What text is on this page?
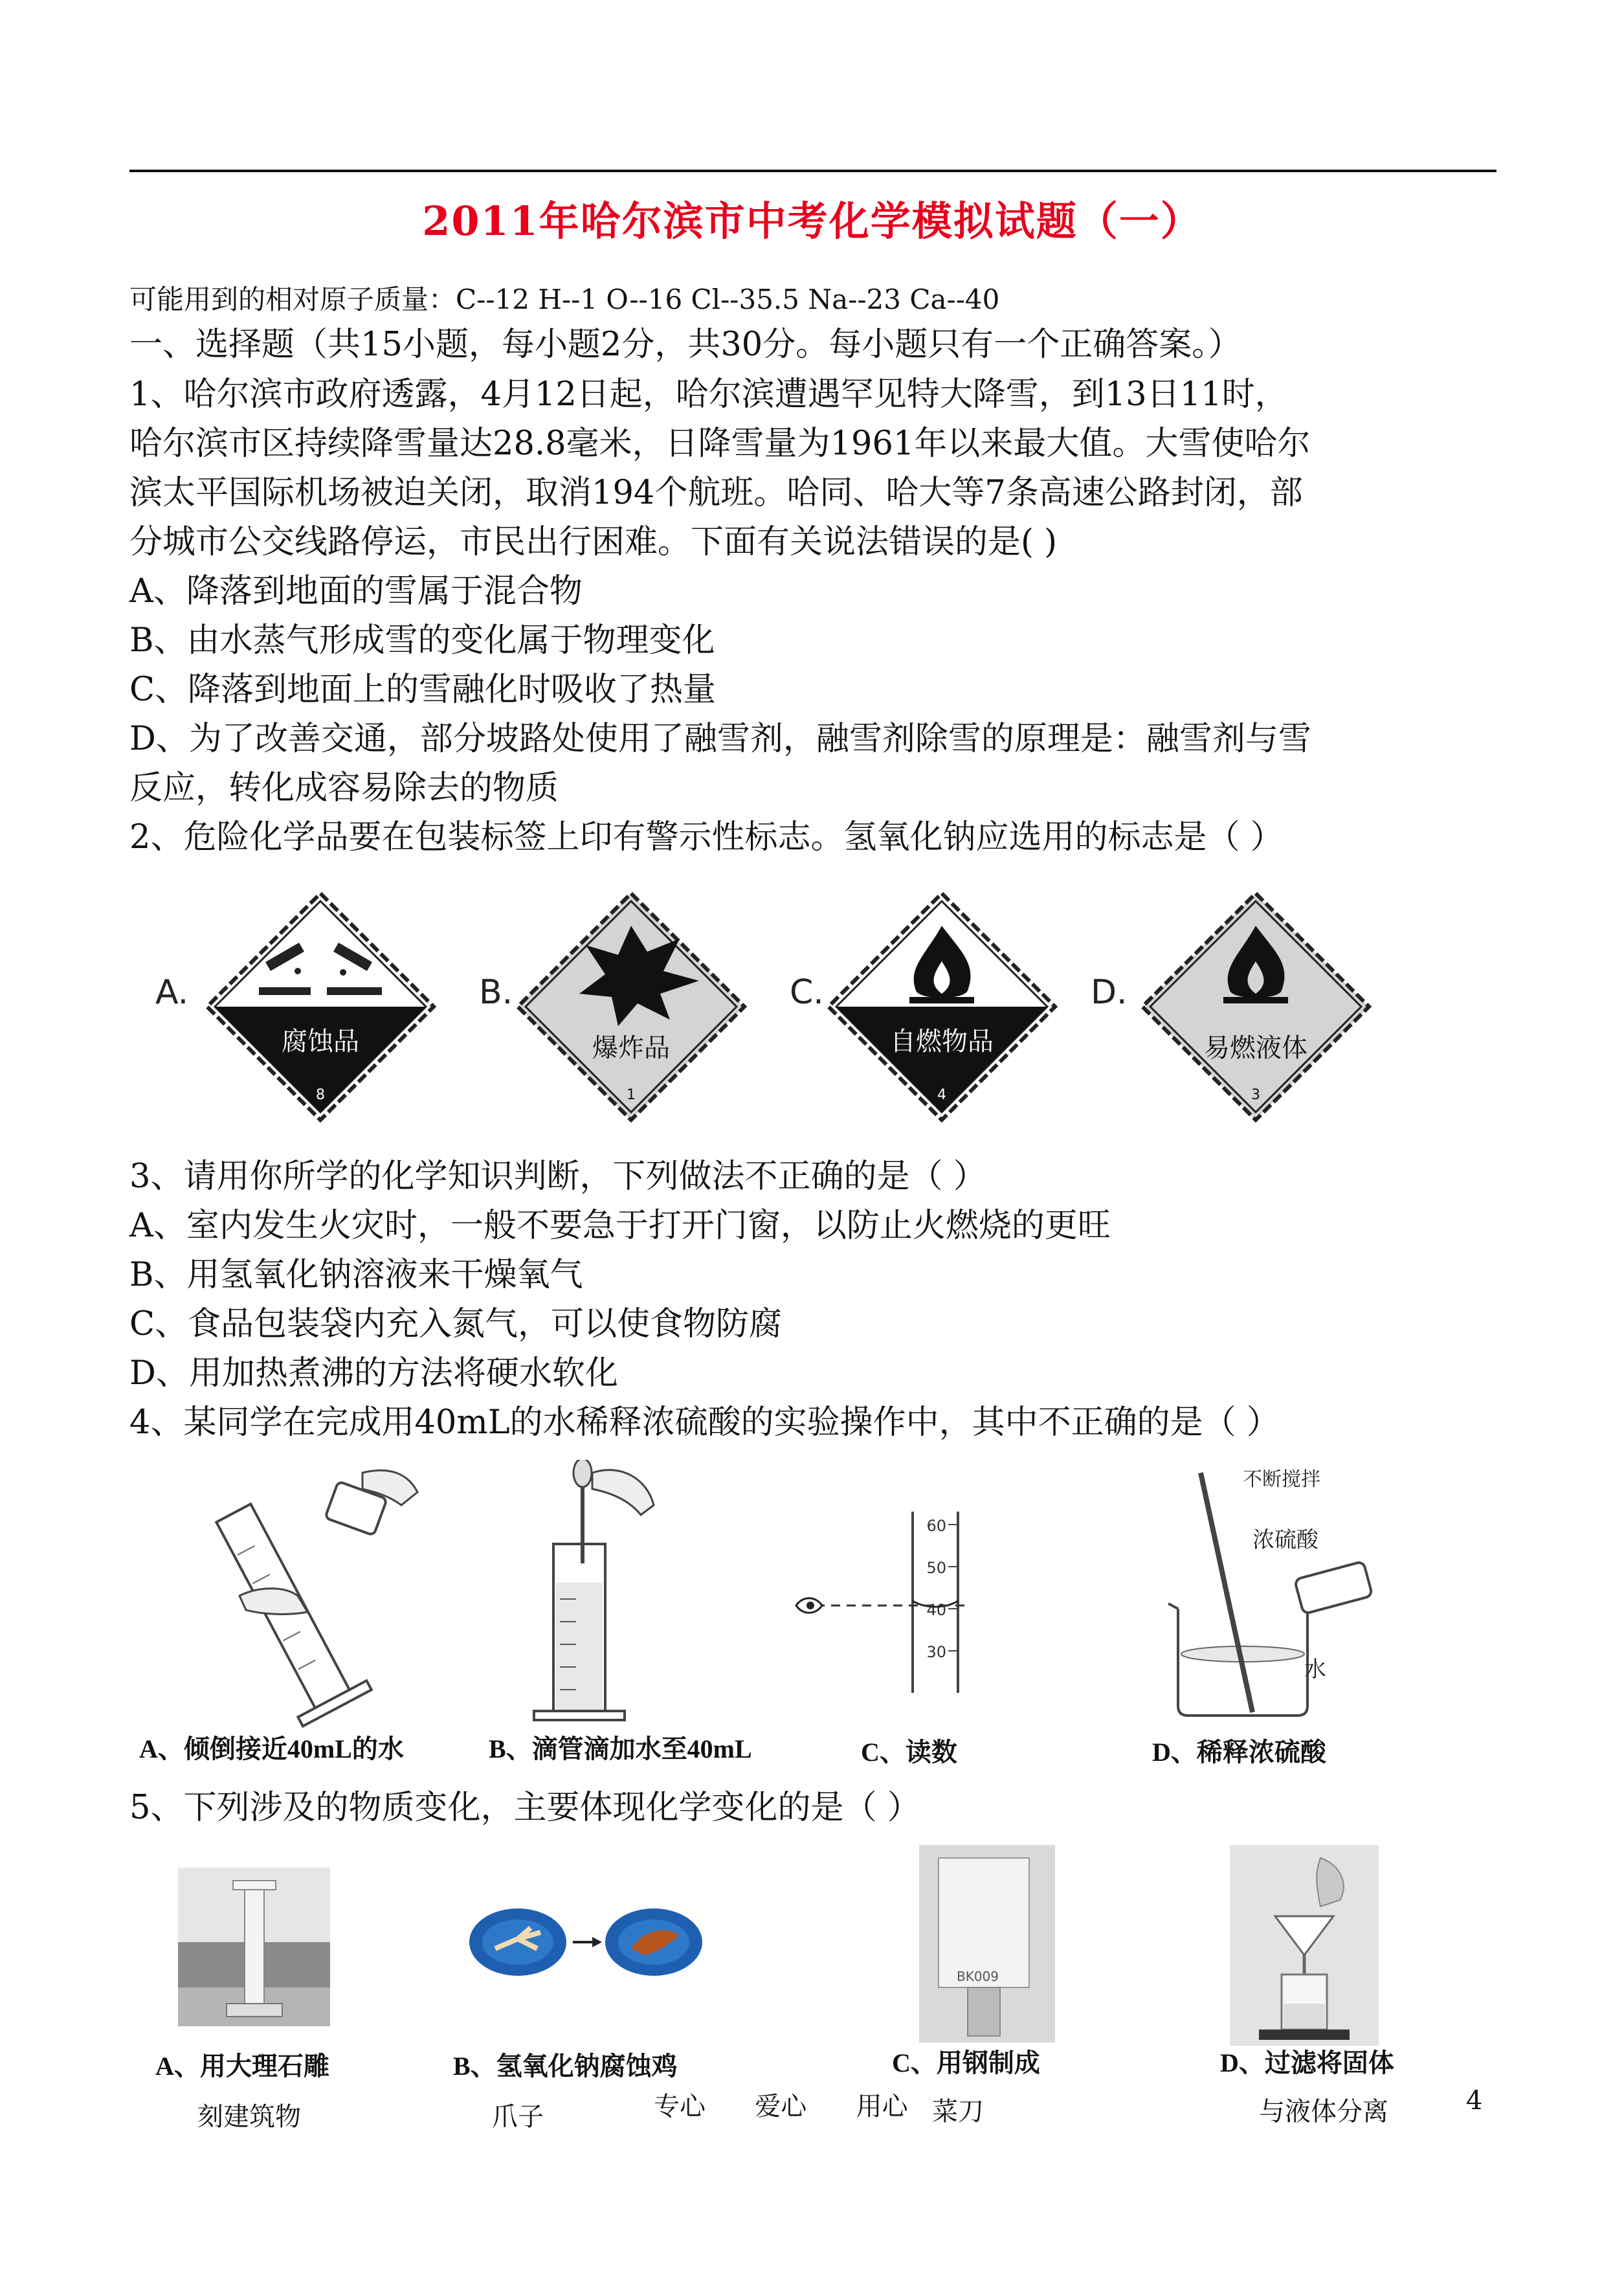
2011年哈尔滨市中考化学模拟试题（一）
可能用到的相对原子质量：C--12 H--1 O--16 Cl--35.5 Na--23 Ca--40
一、选择题（共15小题，每小题2分，共30分。每小题只有一个正确答案。）
1、哈尔滨市政府透露，4月12日起，哈尔滨遭遇罕见特大降雪，到13日11时，
哈尔滨市区持续降雪量达28.8毫米，日降雪量为1961年以来最大值。大雪使哈尔
滨太平国际机场被迫关闭，取消194个航班。哈同、哈大等7条高速公路封闭，部
分城市公交线路停运，市民出行困难。下面有关说法错误的是( )
A、降落到地面的雪属于混合物
B、由水蒸气形成雪的变化属于物理变化
C、降落到地面上的雪融化时吸收了热量
D、为了改善交通，部分坡路处使用了融雪剂，融雪剂除雪的原理是：融雪剂与雪
反应，转化成容易除去的物质
2、危险化学品要在包装标签上印有警示性标志。氢氧化钠应选用的标志是（ ）
A.
腐蚀品
8
B.
爆炸品
1
C.
自燃物品
4
D.
易燃液体
3
3、请用你所学的化学知识判断，下列做法不正确的是（ ）
A、室内发生火灾时，一般不要急于打开门窗，以防止火燃烧的更旺
B、用氢氧化钠溶液来干燥氧气
C、食品包装袋内充入氮气，可以使食物防腐
D、用加热煮沸的方法将硬水软化
4、某同学在完成用40mL的水稀释浓硫酸的实验操作中，其中不正确的是（ ）
60
50
40
30
不断搅拌
浓硫酸
水
A、倾倒接近40mL的水	B、滴管滴加水至40mL	C、读数	D、稀释浓硫酸
5、下列涉及的物质变化，主要体现化学变化的是（ ）
BK009
A、用大理石雕
刻建筑物
B、氢氧化钠腐蚀鸡
爪子
C、用钢制成
菜刀
D、过滤将固体
与液体分离
专心      爱心      用心	4
